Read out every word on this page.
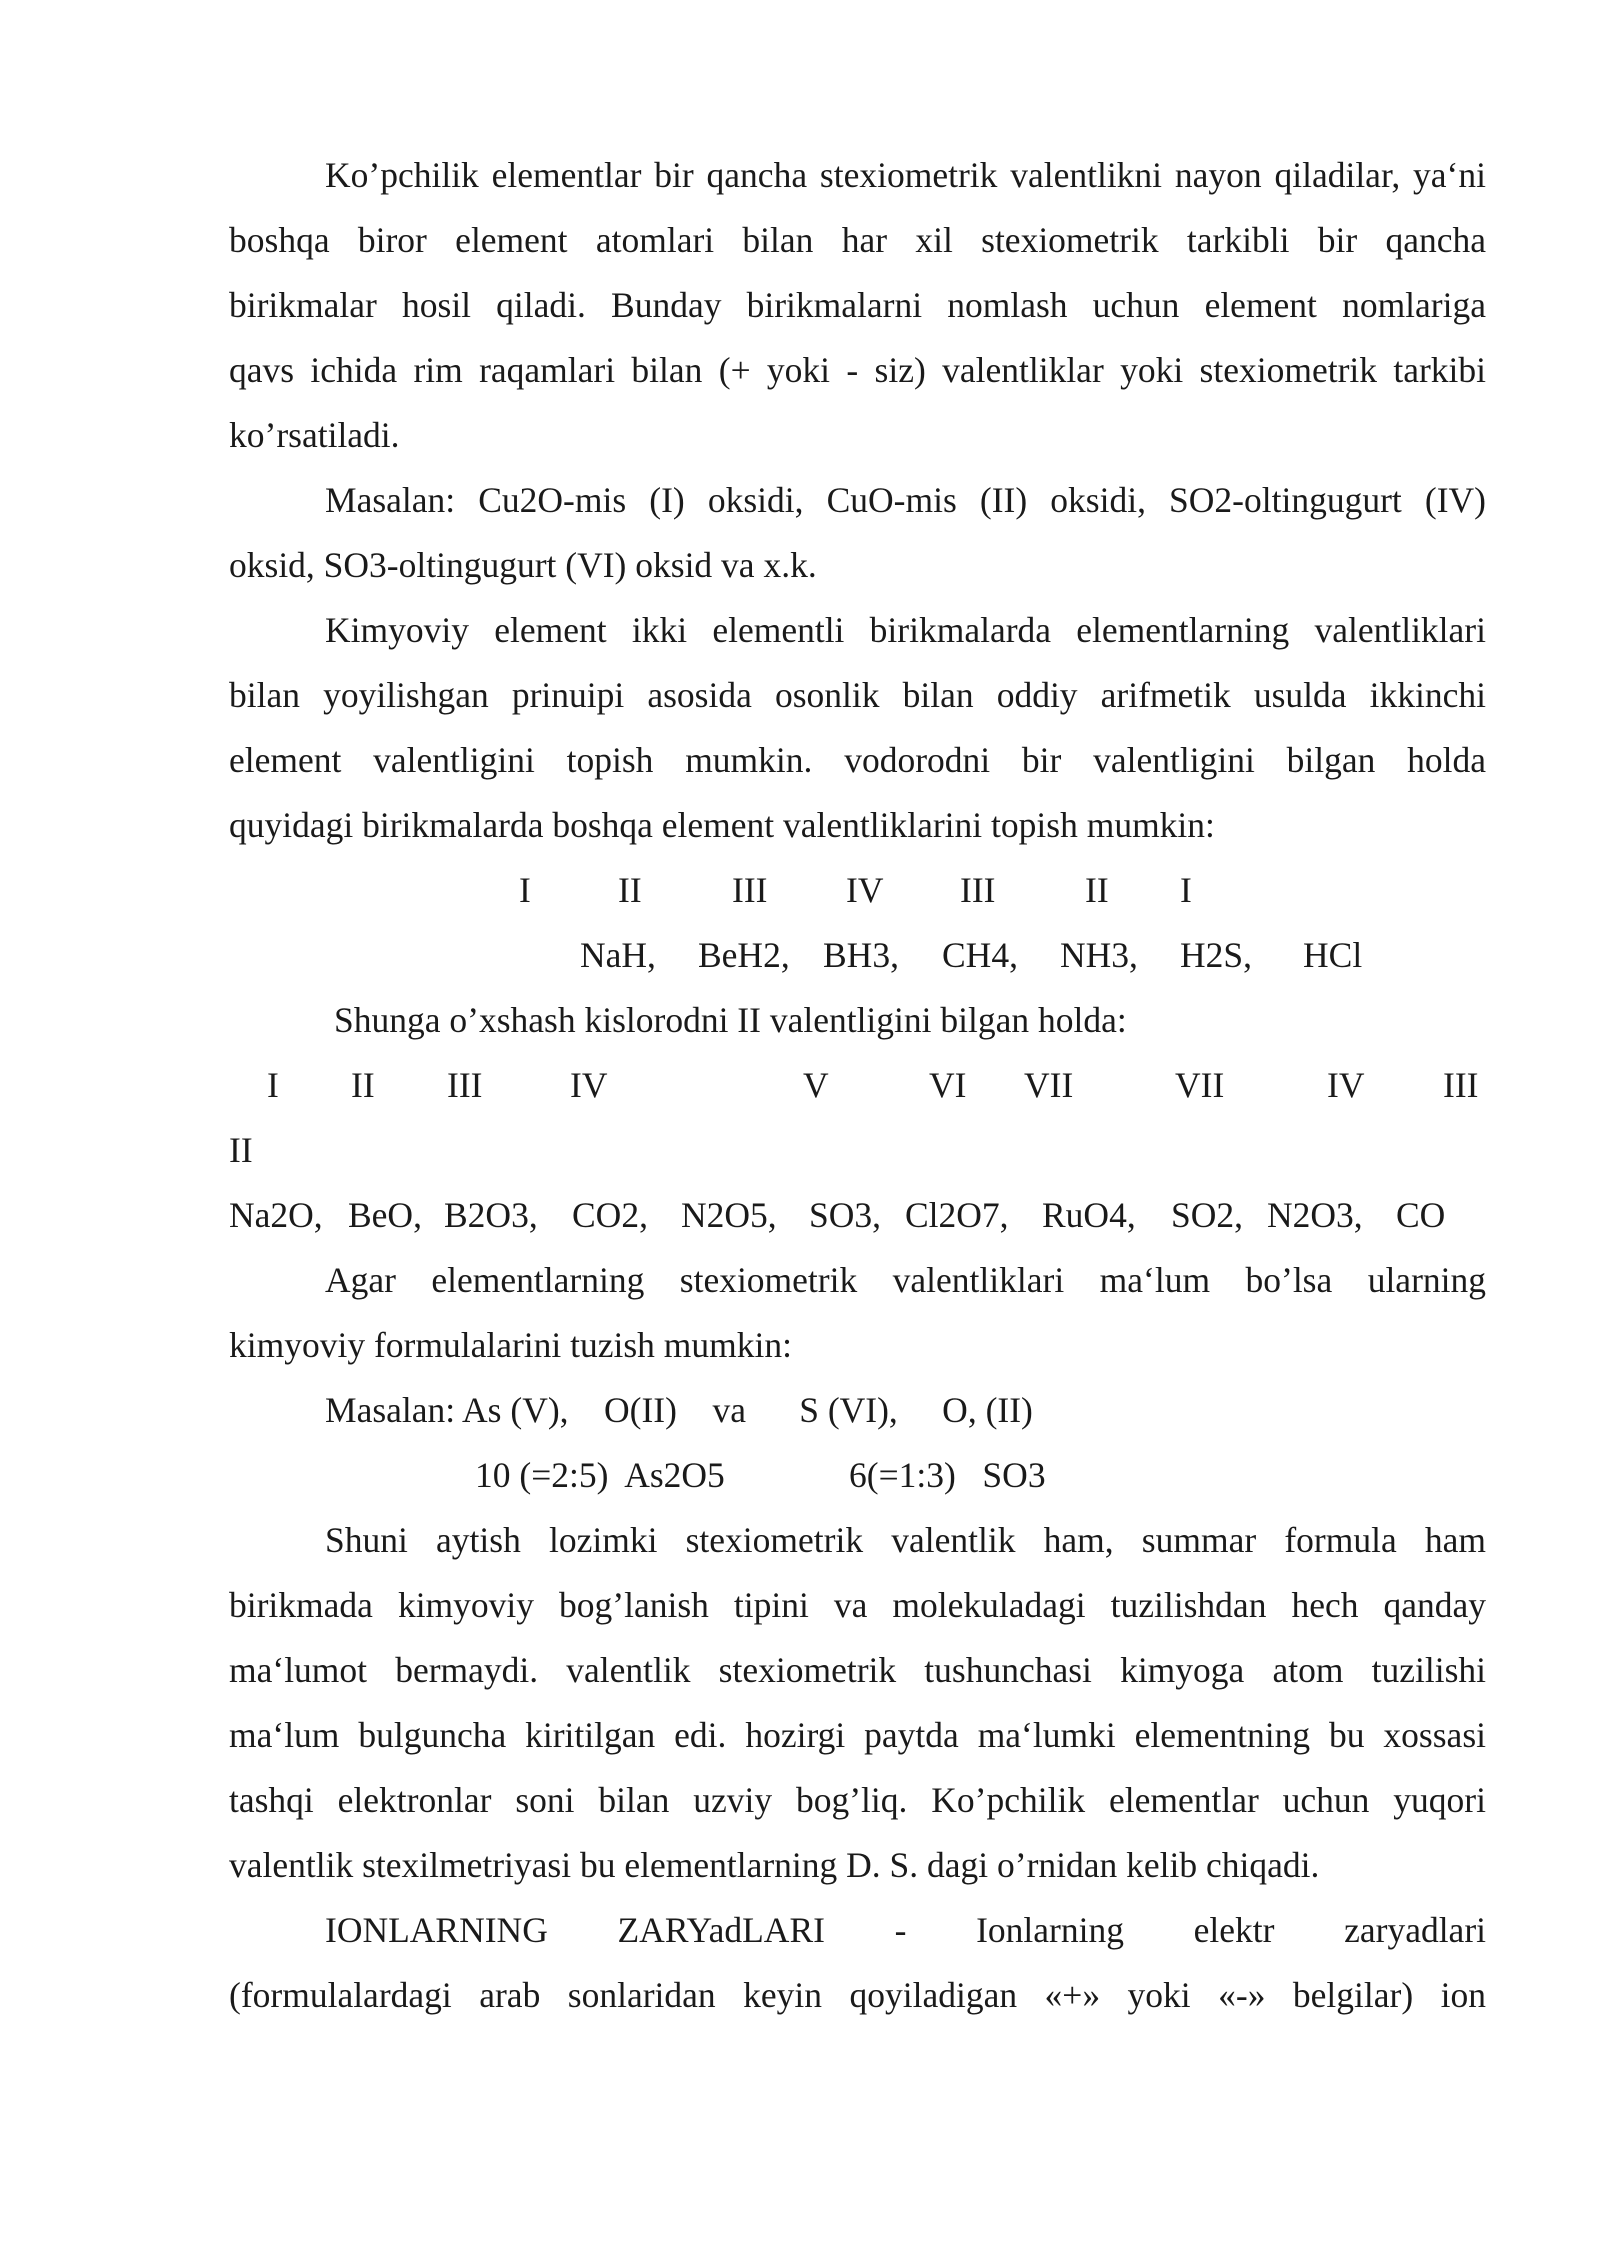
Ko’pchilik elementlar bir qancha stexiometrik valentlikni nayon qiladilar, ya‘ni
boshqa biror element atomlari bilan har xil stexiometrik tarkibli bir qancha
birikmalar hosil qiladi. Bunday birikmalarni nomlash uchun element nomlariga
qavs ichida rim raqamlari bilan (+ yoki - siz) valentliklar yoki stexiometrik tarkibi
ko’rsatiladi.
Masalan: Cu2O-mis (I) oksidi, CuO-mis (II) oksidi, SO2-oltingugurt (IV)
oksid, SO3-oltingugurt (VI) oksid va x.k.
Kimyoviy element ikki elementli birikmalarda elementlarning valentliklari
bilan yoyilishgan prinuipi asosida osonlik bilan oddiy arifmetik usulda ikkinchi
element valentligini topish mumkin. vodorodni bir valentligini bilgan holda
quyidagi birikmalarda boshqa element valentliklarini topish mumkin:
I II	III IV III	II I
NaH, BeH2, BH3, CH4, NH3, H2S, HCl
Shunga o’xshash kislorodni II valentligini bilgan holda:
I II III IV	V	VI VII	VII	IV III
II
Na2O, BeO, B2O3, CO2, N2O5, SO3, Cl2O7, RuO4, SO2, N2O3, CO
Agar elementlarning stexiometrik valentliklari ma‘lum bo’lsa ularning
kimyoviy formulalarini tuzish mumkin:
Masalan: As (V),    O(II)    va      S (VI),     O, (II)
10 (=2:5)  As2O5              6(=1:3)   SO3
Shuni aytish lozimki stexiometrik valentlik ham, summar formula ham
birikmada kimyoviy bog’lanish tipini va molekuladagi tuzilishdan hech qanday
ma‘lumot bermaydi. valentlik stexiometrik tushunchasi kimyoga atom tuzilishi
ma‘lum bulguncha kiritilgan edi. hozirgi paytda ma‘lumki elementning bu xossasi
tashqi elektronlar soni bilan uzviy bog’liq. Ko’pchilik elementlar uchun yuqori
valentlik stexilmetriyasi bu elementlarning D. S. dagi o’rnidan kelib chiqadi.
IONLARNING ZARYadLARI - Ionlarning elektr zaryadlari
(formulalardagi arab sonlaridan keyin qoyiladigan «+» yoki «-» belgilar) ion
